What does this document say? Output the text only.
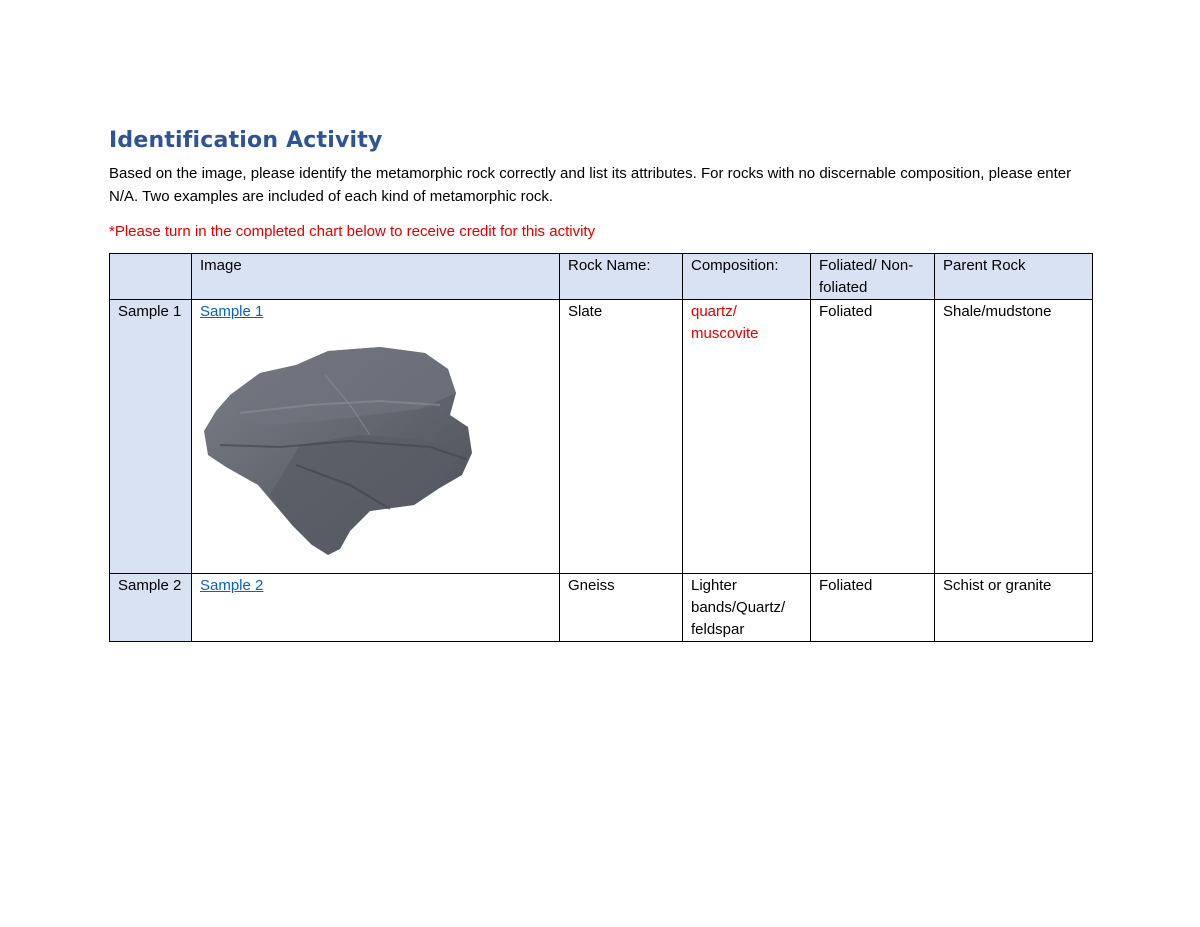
Identification Activity

Based on the image, please identify the metamorphic rock correctly and list its attributes. For rocks with no discernable composition, please enter N/A. Two examples are included of each kind of metamorphic rock.

*Please turn in the completed chart below to receive credit for this activity

	Image	Rock Name:	Composition:	Foliated/ Non-foliated	Parent Rock
Sample 1	Sample 1	Slate	quartz/ muscovite	Foliated	Shale/mudstone
Sample 2	Sample 2	Gneiss	Lighter bands/Quartz/ feldspar	Foliated	Schist or granite
